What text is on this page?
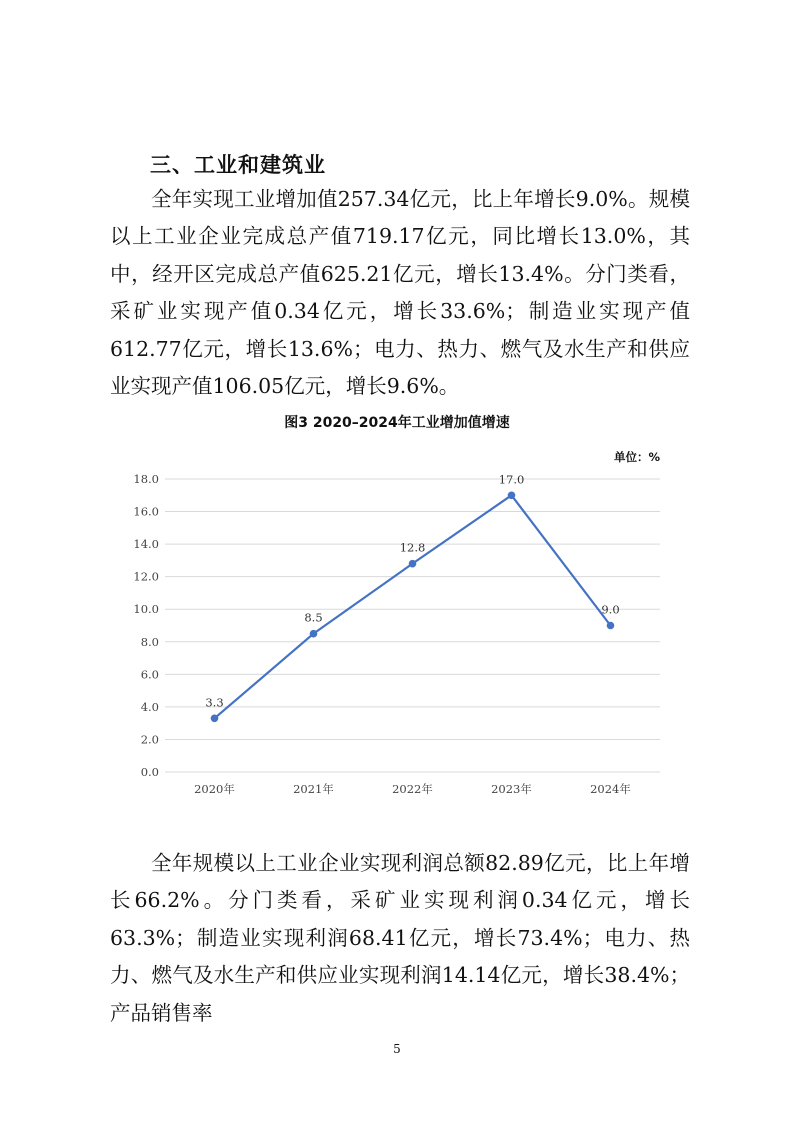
三、工业和建筑业

全年实现工业增加值257.34亿元，比上年增长9.0%。规模以上工业企业完成总产值719.17亿元，同比增长13.0%，其中，经开区完成总产值625.21亿元，增长13.4%。分门类看，采矿业实现产值0.34亿元，增长33.6%；制造业实现产值612.77亿元，增长13.6%；电力、热力、燃气及水生产和供应业实现产值106.05亿元，增长9.6%。

图3 2020–2024年工业增加值增速
单位：%
0.0
2.0
4.0
6.0
8.0
10.0
12.0
14.0
16.0
18.0
2020年	2021年	2022年	2023年	2024年
3.3
8.5
12.8
17.0
9.0

全年规模以上工业企业实现利润总额82.89亿元，比上年增长66.2%。分门类看，采矿业实现利润0.34亿元，增长63.3%；制造业实现利润68.41亿元，增长73.4%；电力、热力、燃气及水生产和供应业实现利润14.14亿元，增长38.4%；产品销售率

5
